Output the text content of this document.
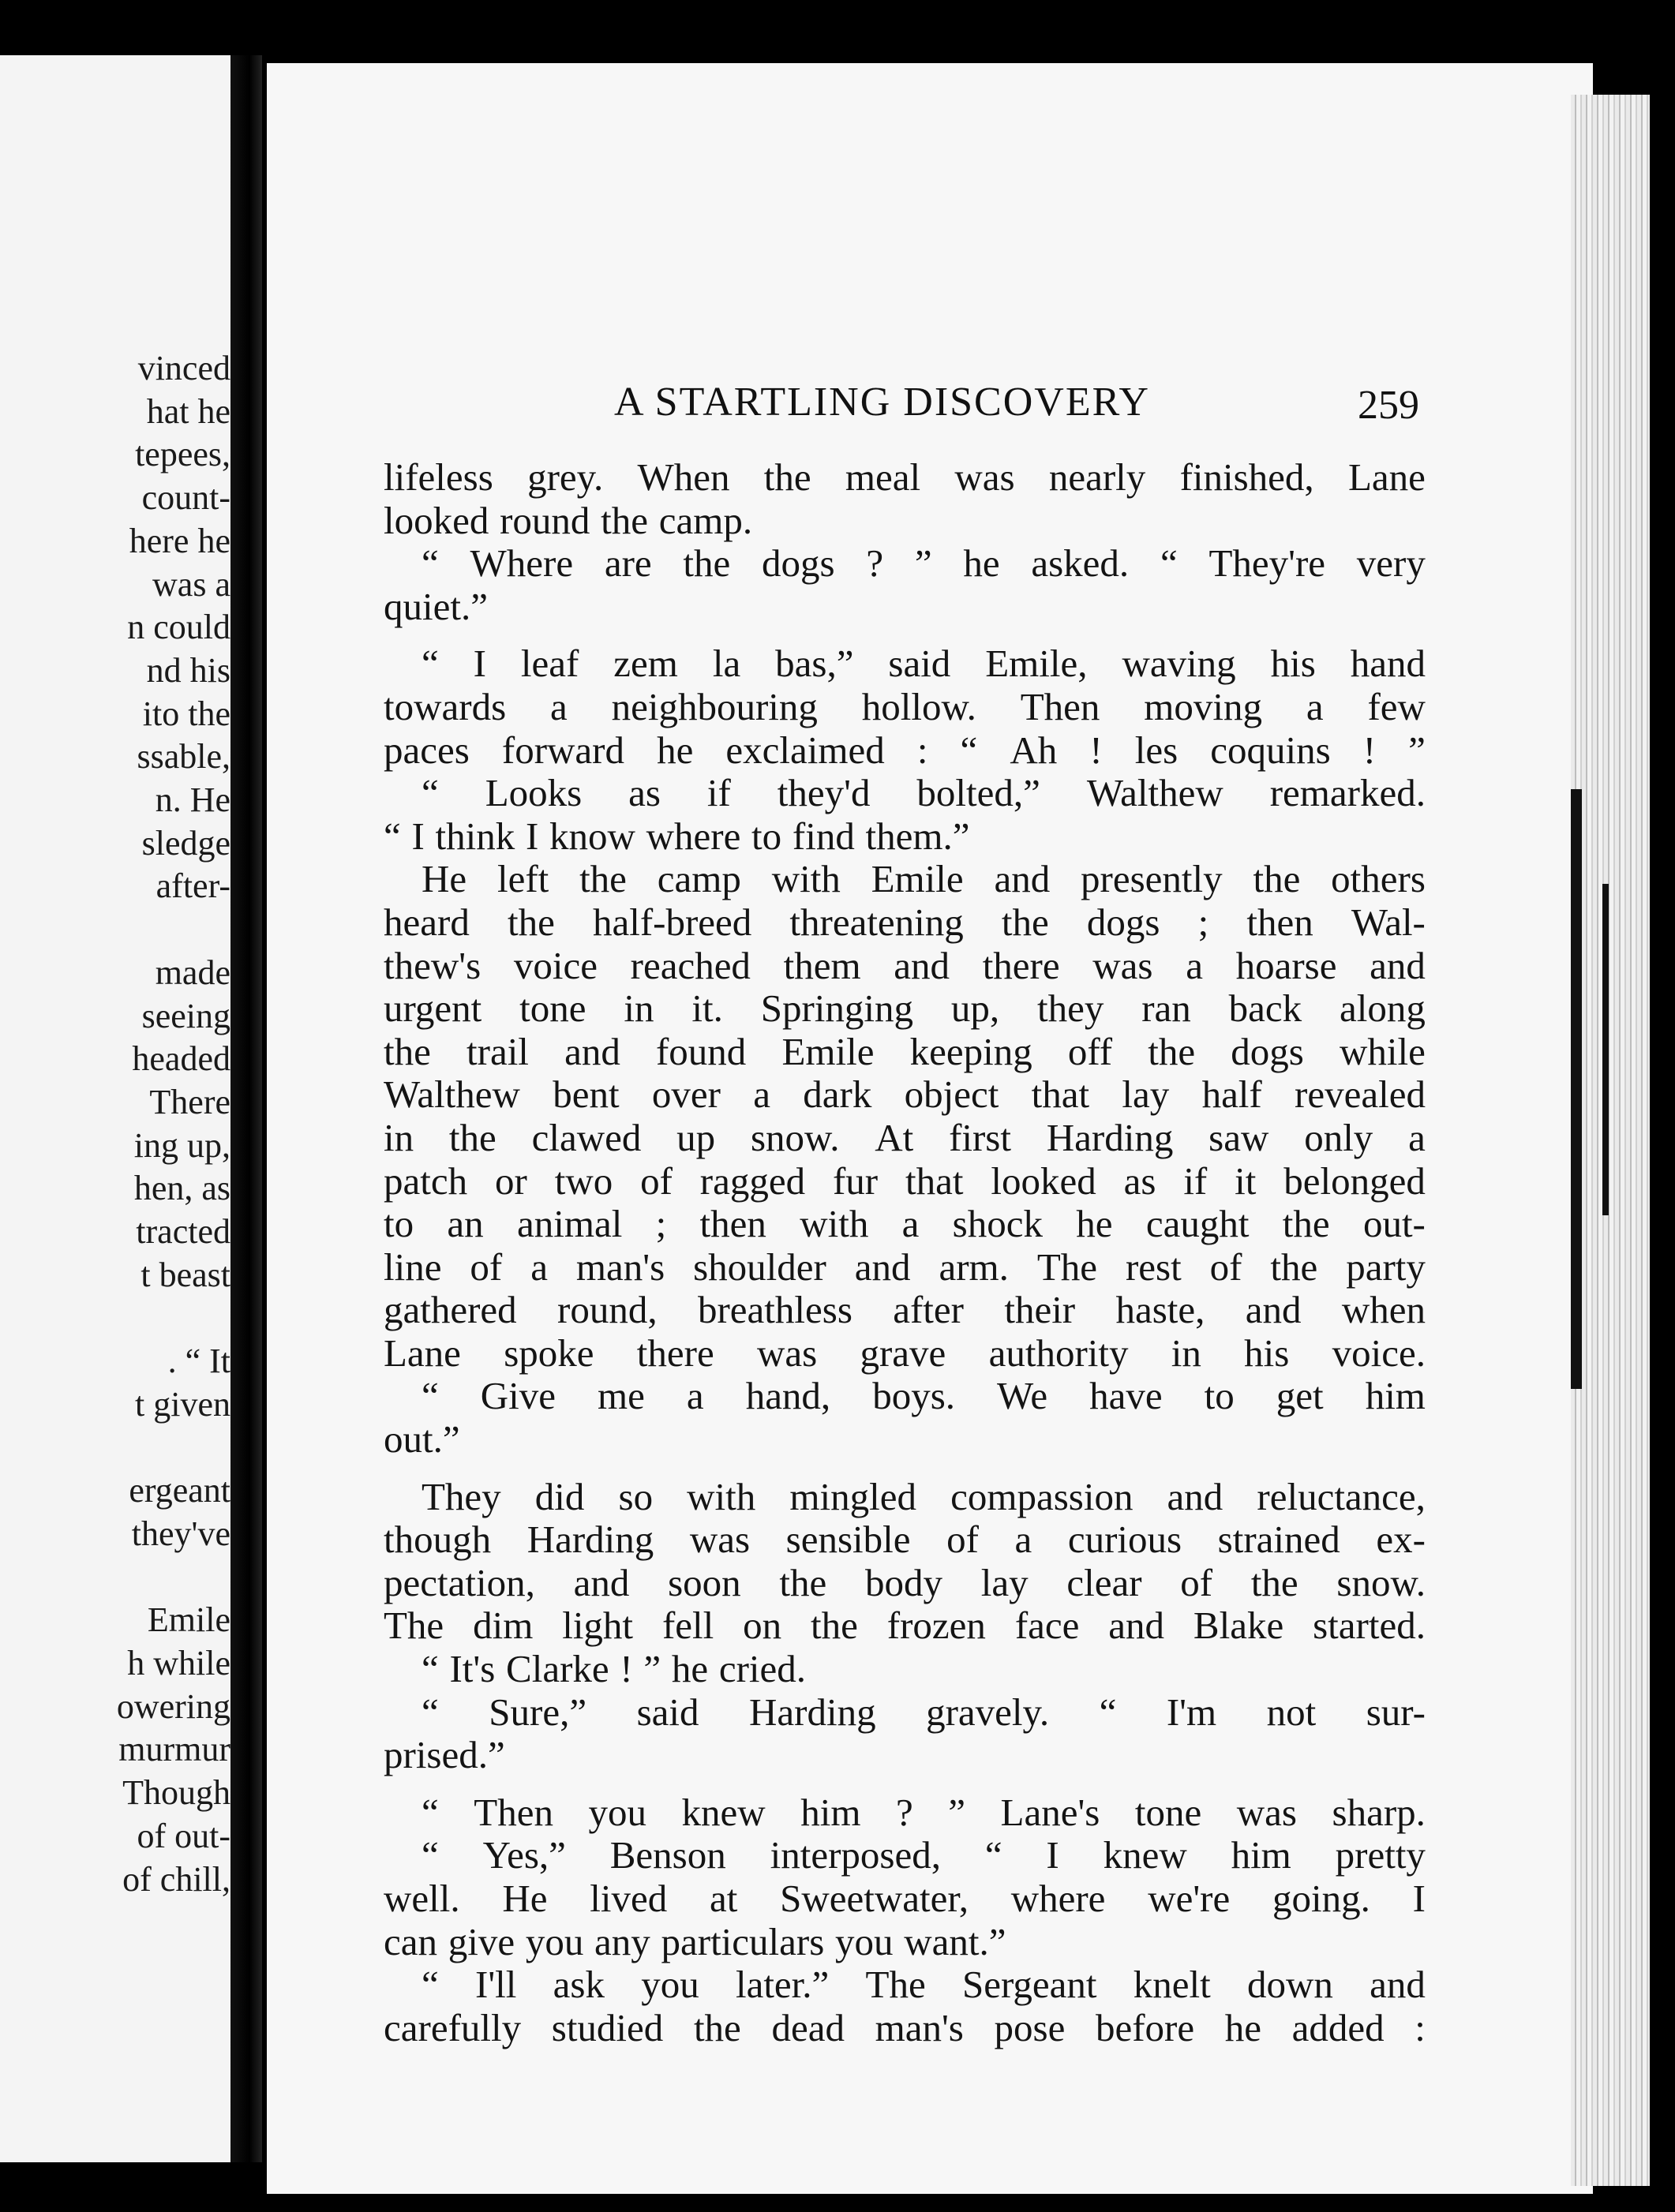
vinced
hat he
tepees,
count-
here he
was a
n could
nd his
ito the
ssable,
n. He
sledge
after-
made
seeing
headed
There
ing up,
hen, as
tracted
t beast
. “ It
t given
ergeant
they've
Emile
h while
owering
murmur
Though
of out-
of chill,
A STARTLING DISCOVERY	259
lifeless grey. When the meal was nearly finished, Lane
looked round the camp.
“ Where are the dogs ? ” he asked. “ They're very
quiet.”
“ I leaf zem la bas,” said Emile, waving his hand
towards a neighbouring hollow. Then moving a few
paces forward he exclaimed : “ Ah ! les coquins ! ”
“ Looks as if they'd bolted,” Walthew remarked.
“ I think I know where to find them.”
He left the camp with Emile and presently the others
heard the half-breed threatening the dogs ; then Wal-
thew's voice reached them and there was a hoarse and
urgent tone in it. Springing up, they ran back along
the trail and found Emile keeping off the dogs while
Walthew bent over a dark object that lay half revealed
in the clawed up snow. At first Harding saw only a
patch or two of ragged fur that looked as if it belonged
to an animal ; then with a shock he caught the out-
line of a man's shoulder and arm. The rest of the party
gathered round, breathless after their haste, and when
Lane spoke there was grave authority in his voice.
“ Give me a hand, boys. We have to get him
out.”
They did so with mingled compassion and reluctance,
though Harding was sensible of a curious strained ex-
pectation, and soon the body lay clear of the snow.
The dim light fell on the frozen face and Blake started.
“ It's Clarke ! ” he cried.
“ Sure,” said Harding gravely. “ I'm not sur-
prised.”
“ Then you knew him ? ” Lane's tone was sharp.
“ Yes,” Benson interposed, “ I knew him pretty
well. He lived at Sweetwater, where we're going. I
can give you any particulars you want.”
“ I'll ask you later.” The Sergeant knelt down and
carefully studied the dead man's pose before he added :
